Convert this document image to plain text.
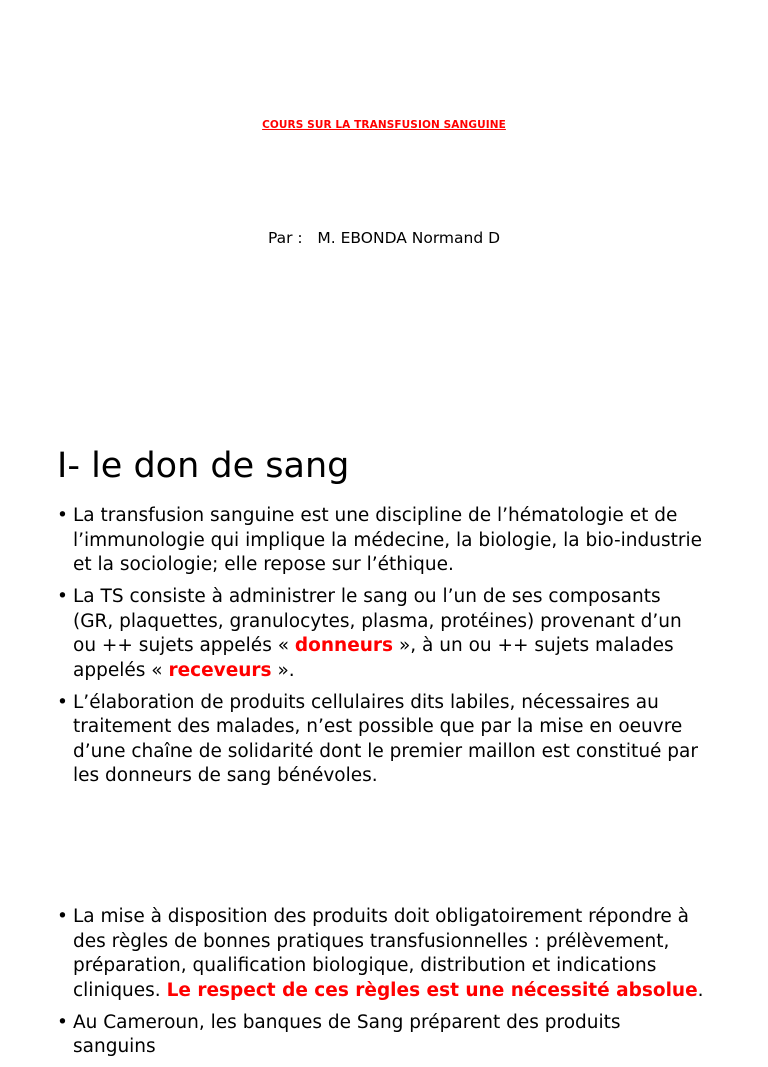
COURS SUR LA TRANSFUSION SANGUINE
Par :   M. EBONDA Normand D
I- le don de sang
• La transfusion sanguine est une discipline de l’hématologie et de l’immunologie qui implique la médecine, la biologie, la bio-industrie et la sociologie; elle repose sur l’éthique.
• La TS consiste à administrer le sang ou l’un de ses composants (GR, plaquettes, granulocytes, plasma, protéines) provenant d’un ou ++ sujets appelés « donneurs », à un ou ++ sujets malades appelés « receveurs ».
• L’élaboration de produits cellulaires dits labiles, nécessaires au traitement des malades, n’est possible que par la mise en oeuvre d’une chaîne de solidarité dont le premier maillon est constitué par les donneurs de sang bénévoles.
• La mise à disposition des produits doit obligatoirement répondre à des règles de bonnes pratiques transfusionnelles : prélèvement, préparation, qualification biologique, distribution et indications cliniques. Le respect de ces règles est une nécessité absolue.
• Au Cameroun, les banques de Sang préparent des produits sanguins
